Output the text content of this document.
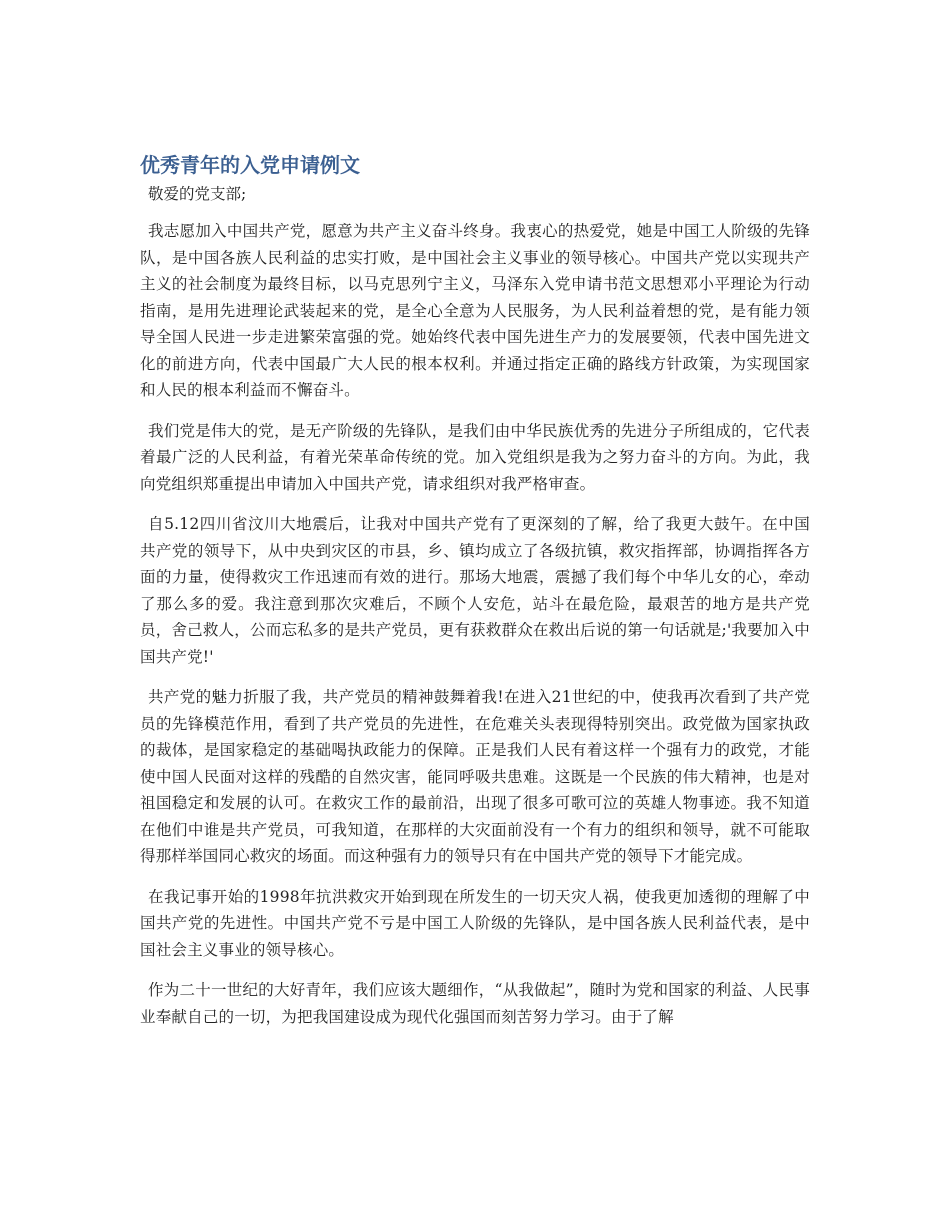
优秀青年的入党申请例文

敬爱的党支部;

我志愿加入中国共产党，愿意为共产主义奋斗终身。我衷心的热爱党，她是中国工人阶级的先锋队，是中国各族人民利益的忠实打败，是中国社会主义事业的领导核心。中国共产党以实现共产主义的社会制度为最终目标，以马克思列宁主义，马泽东入党申请书范文思想邓小平理论为行动指南，是用先进理论武装起来的党，是全心全意为人民服务，为人民利益着想的党，是有能力领导全国人民进一步走进繁荣富强的党。她始终代表中国先进生产力的发展要领，代表中国先进文化的前进方向，代表中国最广大人民的根本权利。并通过指定正确的路线方针政策，为实现国家和人民的根本利益而不懈奋斗。

我们党是伟大的党，是无产阶级的先锋队，是我们由中华民族优秀的先进分子所组成的，它代表着最广泛的人民利益，有着光荣革命传统的党。加入党组织是我为之努力奋斗的方向。为此，我向党组织郑重提出申请加入中国共产党，请求组织对我严格审查。

自5.12四川省汶川大地震后，让我对中国共产党有了更深刻的了解，给了我更大鼓午。在中国共产党的领导下，从中央到灾区的市县，乡、镇均成立了各级抗镇，救灾指挥部，协调指挥各方面的力量，使得救灾工作迅速而有效的进行。那场大地震，震撼了我们每个中华儿女的心，牵动了那么多的爱。我注意到那次灾难后，不顾个人安危，站斗在最危险，最艰苦的地方是共产党员，舍己救人，公而忘私多的是共产党员，更有获救群众在救出后说的第一句话就是;'我要加入中国共产党!'

共产党的魅力折服了我，共产党员的精神鼓舞着我!在进入21世纪的中，使我再次看到了共产党员的先锋模范作用，看到了共产党员的先进性，在危难关头表现得特别突出。政党做为国家执政的裁体，是国家稳定的基础喝执政能力的保障。正是我们人民有着这样一个强有力的政党，才能使中国人民面对这样的残酷的自然灾害，能同呼吸共患难。这既是一个民族的伟大精神，也是对祖国稳定和发展的认可。在救灾工作的最前沿，出现了很多可歌可泣的英雄人物事迹。我不知道在他们中谁是共产党员，可我知道，在那样的大灾面前没有一个有力的组织和领导，就不可能取得那样举国同心救灾的场面。而这种强有力的领导只有在中国共产党的领导下才能完成。

在我记事开始的1998年抗洪救灾开始到现在所发生的一切天灾人祸，使我更加透彻的理解了中国共产党的先进性。中国共产党不亏是中国工人阶级的先锋队，是中国各族人民利益代表，是中国社会主义事业的领导核心。

作为二十一世纪的大好青年，我们应该大题细作，“从我做起”，随时为党和国家的利益、人民事业奉献自己的一切，为把我国建设成为现代化强国而刻苦努力学习。由于了解
